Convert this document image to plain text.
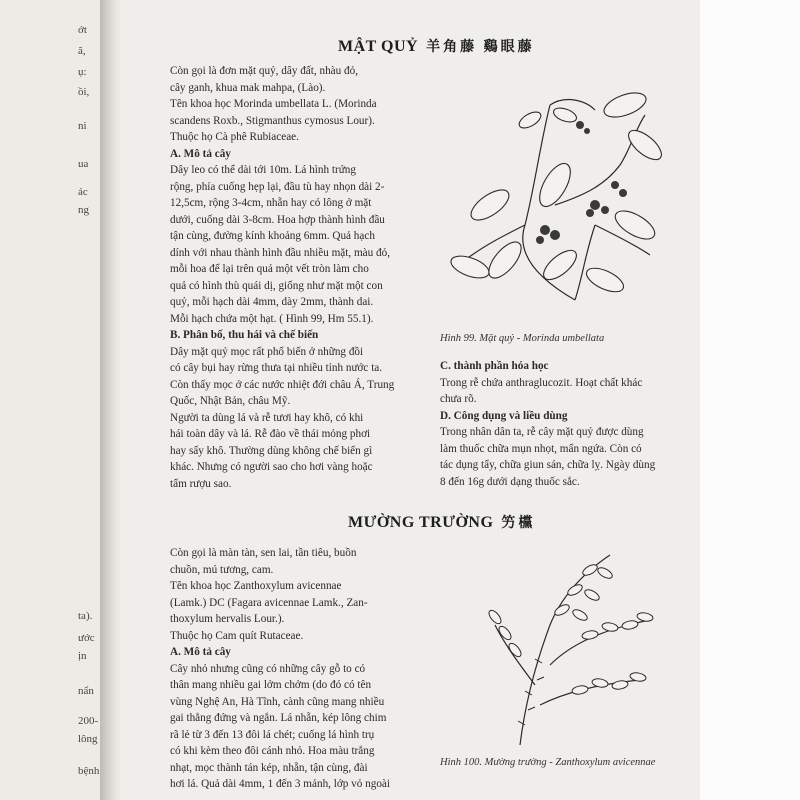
ớt
ã,
ụ:
ồi,
ni
ua
ác
ng
ta).
ước
ịn
nẩn
200-
lông
bệnh
MẬT QUỶ 羊角藤 鷄眼藤
Còn gọi là đơn mặt quỷ, dây đất, nhàu đỏ,
cây ganh, khua mak mahpa, (Lào).
Tên khoa học Morinda umbellata L. (Morinda
scandens Roxb., Stigmanthus cymosus Lour).
Thuộc họ Cà phê Rubiaceae.
A. Mô tả cây
Dây leo có thể dài tới 10m. Lá hình trứng
rộng, phía cuống hẹp lại, đầu tù hay nhọn dài 2-
12,5cm, rộng 3-4cm, nhẵn hay có lông ở mặt
dưới, cuống dài 3-8cm. Hoa hợp thành hình đầu
tận cùng, đường kính khoảng 6mm. Quả hạch
dính với nhau thành hình đầu nhiều mặt, màu đỏ,
mỗi hoa để lại trên quả một vết tròn làm cho
quả có hình thù quái dị, giống như mặt một con
quỷ, mỗi hạch dài 4mm, dày 2mm, thành dai.
Mỗi hạch chứa một hạt. ( Hình 99, Hm 55.1).
B. Phân bố, thu hái và chế biến
Dây mặt quỷ mọc rất phổ biến ở những đồi
có cây bụi hay rừng thưa tại nhiều tỉnh nước ta.
Còn thấy mọc ở các nước nhiệt đới châu Á, Trung
Quốc, Nhật Bản, châu Mỹ.
Người ta dùng lá và rễ tươi hay khô, có khi
hái toàn dây và lá. Rễ đào về thái mỏng phơi
hay sấy khô. Thường dùng không chế biến gì
khác. Nhưng có người sao cho hơi vàng hoặc
tẩm rượu sao.
C. thành phần hóa học
Trong rễ chứa anthraglucozit. Hoạt chất khác
chưa rõ.
D. Công dụng và liều dùng
Trong nhân dân ta, rễ cây mặt quỷ được dùng
làm thuốc chữa mụn nhọt, mẩn ngứa. Còn có
tác dụng tẩy, chữa giun sán, chữa lỵ. Ngày dùng
8 đến 16g dưới dạng thuốc sắc.
Hình 99. Mặt quỷ - Morinda umbellata
MƯỜNG TRƯỜNG 竻欓
Còn gọi là màn tàn, sen lai, tần tiêu, buồn
chuồn, mú tương, cam.
Tên khoa học Zanthoxylum avicennae
(Lamk.) DC (Fagara avicennae Lamk., Zan-
thoxylum hervalis Lour.).
Thuộc họ Cam quít Rutaceae.
A. Mô tả cây
Cây nhỏ nhưng cũng có những cây gỗ to có
thân mang nhiều gai lởm chởm (do đó có tên
vùng Nghệ An, Hà Tĩnh, cành cũng mang nhiều
gai thẳng đứng và ngắn. Lá nhẵn, kép lông chim
rã lẻ từ 3 đến 13 đôi lá chét; cuống lá hình trụ
có khi kèm theo đôi cánh nhỏ. Hoa màu trắng
nhạt, mọc thành tán kép, nhẵn, tận cùng, đài
hơi lá. Quả dài 4mm, 1 đến 3 mảnh, lớp vỏ ngoài
Hình 100. Mường trường - Zanthoxylum avicennae
